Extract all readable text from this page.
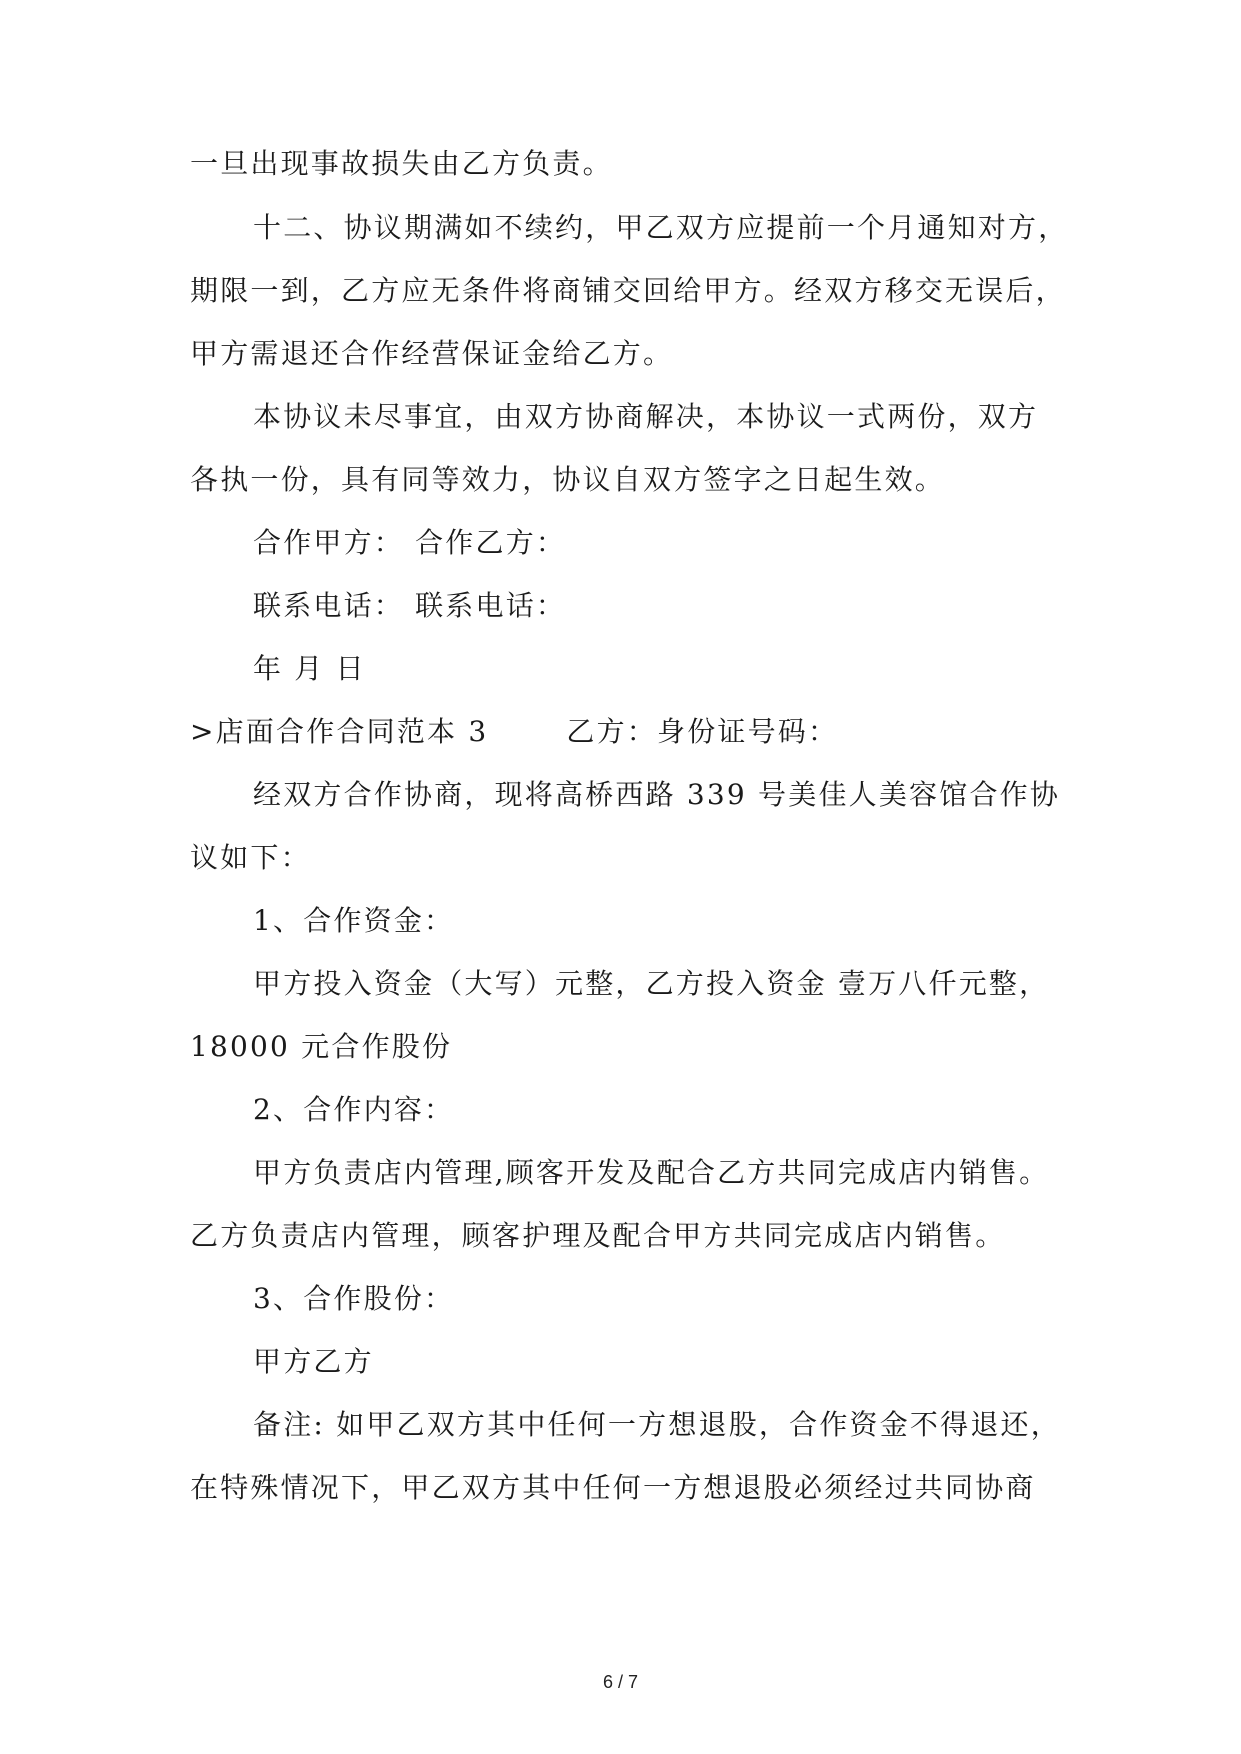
一旦出现事故损失由乙方负责。
十二、协议期满如不续约，甲乙双方应提前一个月通知对方，
期限一到，乙方应无条件将商铺交回给甲方。经双方移交无误后，
甲方需退还合作经营保证金给乙方。
本协议未尽事宜，由双方协商解决，本协议一式两份，双方
各执一份，具有同等效力，协议自双方签字之日起生效。
合作甲方： 合作乙方：
联系电话： 联系电话：
年 月 日
>店面合作合同范本 3	乙方：身份证号码：
经双方合作协商，现将高桥西路 339 号美佳人美容馆合作协
议如下：
1、合作资金：
甲方投入资金（大写）元整，乙方投入资金 壹万八仟元整，
18000 元合作股份
2、合作内容：
甲方负责店内管理,顾客开发及配合乙方共同完成店内销售。
乙方负责店内管理，顾客护理及配合甲方共同完成店内销售。
3、合作股份：
甲方乙方
备注: 如甲乙双方其中任何一方想退股，合作资金不得退还，
在特殊情况下，甲乙双方其中任何一方想退股必须经过共同协商
6 / 7
